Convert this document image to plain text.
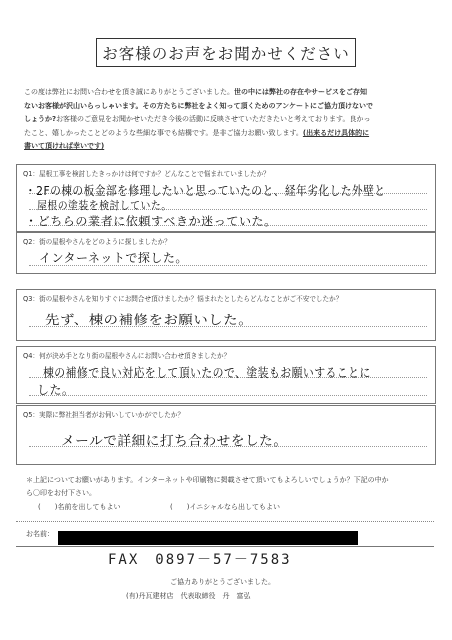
お客様のお声をお聞かせください
この度は弊社にお問い合わせを頂き誠にありがとうございました。世の中には弊社の存在やサービスをご存知
ないお客様が沢山いらっしゃいます。その方たちに弊社をよく知って頂くためのアンケートにご協力頂けないで
しょうか?お客様のご意見をお聞かせいただき今後の活動に反映させていただきたいと考えております。良かっ
たこと、嬉しかったことどのような些細な事でも結構です。是非ご協力お願い致します。(出来るだけ具体的に
書いて頂ければ幸いです)
Q1：屋根工事を検討したきっかけは何ですか？どんなことで悩まれていましたか？
・2Fの棟の板金部を修理したいと思っていたのと、経年劣化した外壁と
屋根の塗装を検討していた。
・どちらの業者に依頼すべきか迷っていた。
Q2：街の屋根やさんをどのように探しましたか？
インターネットで探した。
Q3：街の屋根やさんを知りすぐにお問合せ頂けましたか？悩まれたとしたらどんなことがご不安でしたか？
先ず、棟の補修をお願いした。
Q4：何が決め手となり街の屋根やさんにお問い合わせ頂きましたか？
棟の補修で良い対応をして頂いたので、塗装もお願いすることに
した。
Q5：実際に弊社担当者がお伺いしていかがでしたか？
メールで詳細に打ち合わせをした。
＊上記についてお願いがあります。インターネットや印刷物に掲載させて頂いてもよろしいでしょうか？下記の中か
ら〇印をお付下さい。
(　　)名前を出してもよい	(　　)イニシャルなら出してもよい
お名前：
FAX　0897－57－7583
ご協力ありがとうございました。
(有)丹瓦建材店　代表取締役　丹　富弘
